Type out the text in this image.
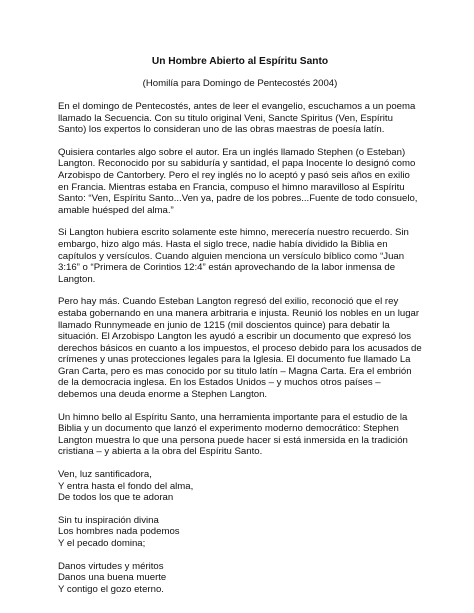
Un Hombre Abierto al Espíritu Santo
(Homilía para Domingo de Pentecostés 2004)

En el domingo de Pentecostés, antes de leer el evangelio, escuchamos a un poema llamado la Secuencia. Con su titulo original Veni, Sancte Spiritus (Ven, Espíritu Santo) los expertos lo consideran uno de las obras maestras de poesía latín.

Quisiera contarles algo sobre el autor. Era un inglés llamado Stephen (o Esteban) Langton. Reconocido por su sabiduría y santidad, el papa Inocente lo designó como Arzobispo de Cantorbery. Pero el rey inglés no lo aceptó y pasó seis años en exilio en Francia. Mientras estaba en Francia, compuso el himno maravilloso al Espíritu Santo: “Ven, Espíritu Santo...Ven ya, padre de los pobres...Fuente de todo consuelo, amable huésped del alma.”

Si Langton hubiera escrito solamente este himno, merecería nuestro recuerdo. Sin embargo, hizo algo más. Hasta el siglo trece, nadie había dividido la Biblia en capítulos y versículos. Cuando alguien menciona un versículo bíblico como “Juan 3:16” o “Primera de Corintios 12:4” están aprovechando de la labor inmensa de Langton.

Pero hay más. Cuando Esteban Langton regresó del exilio, reconoció que el rey estaba gobernando en una manera arbitraria e injusta. Reunió los nobles en un lugar llamado Runnymeade en junio de 1215 (mil doscientos quince) para debatir la situación. El Arzobispo Langton les ayudó a escribir un documento que expresó los derechos básicos en cuanto a los impuestos, el proceso debido para los acusados de crímenes y unas protecciones legales para la Iglesia. El documento fue llamado La Gran Carta, pero es mas conocido por su titulo latín – Magna Carta. Era el embrión de la democracia inglesa. En los Estados Unidos – y muchos otros países – debemos una deuda enorme a Stephen Langton.

Un himno bello al Espíritu Santo, una herramienta importante para el estudio de la Biblia y un documento que lanzó el experimento moderno democrático: Stephen Langton muestra lo que una persona puede hacer si está inmersida en la tradición cristiana – y abierta a la obra del Espíritu Santo.

Ven, luz santificadora,
Y entra hasta el fondo del alma,
De todos los que te adoran
Sin tu inspiración divina
Los hombres nada podemos
Y el pecado domina;
Danos virtudes y méritos
Danos una buena muerte
Y contigo el gozo eterno.
